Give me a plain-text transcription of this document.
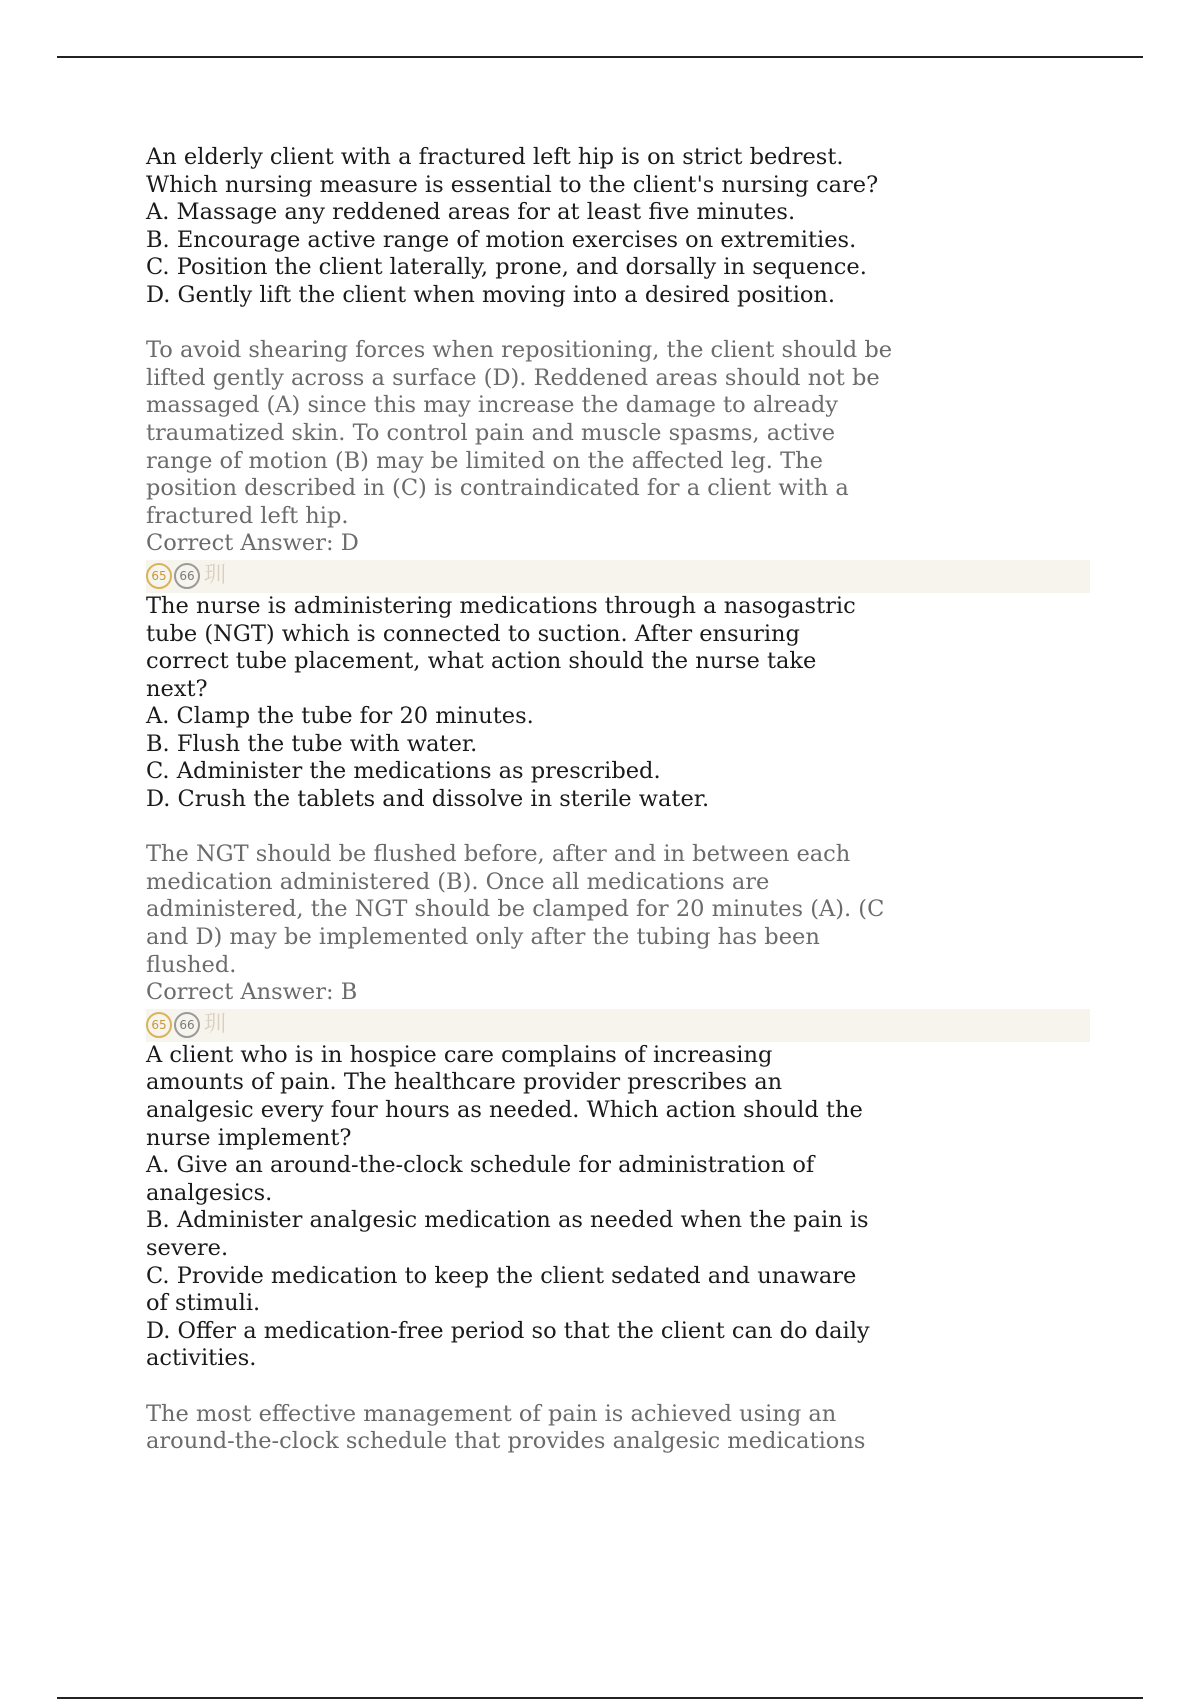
An elderly client with a fractured left hip is on strict bedrest.
Which nursing measure is essential to the client's nursing care?
A. Massage any reddened areas for at least five minutes.
B. Encourage active range of motion exercises on extremities.
C. Position the client laterally, prone, and dorsally in sequence.
D. Gently lift the client when moving into a desired position.
To avoid shearing forces when repositioning, the client should be
lifted gently across a surface (D). Reddened areas should not be
massaged (A) since this may increase the damage to already
traumatized skin. To control pain and muscle spasms, active
range of motion (B) may be limited on the affected leg. The
position described in (C) is contraindicated for a client with a
fractured left hip.
Correct Answer: D
65	66 玔
The nurse is administering medications through a nasogastric
tube (NGT) which is connected to suction. After ensuring
correct tube placement, what action should the nurse take
next?
A. Clamp the tube for 20 minutes.
B. Flush the tube with water.
C. Administer the medications as prescribed.
D. Crush the tablets and dissolve in sterile water.
The NGT should be flushed before, after and in between each
medication administered (B). Once all medications are
administered, the NGT should be clamped for 20 minutes (A). (C
and D) may be implemented only after the tubing has been
flushed.
Correct Answer: B
65	66 玔
A client who is in hospice care complains of increasing
amounts of pain. The healthcare provider prescribes an
analgesic every four hours as needed. Which action should the
nurse implement?
A. Give an around-the-clock schedule for administration of
analgesics.
B. Administer analgesic medication as needed when the pain is
severe.
C. Provide medication to keep the client sedated and unaware
of stimuli.
D. Offer a medication-free period so that the client can do daily
activities.
The most effective management of pain is achieved using an
around-the-clock schedule that provides analgesic medications
